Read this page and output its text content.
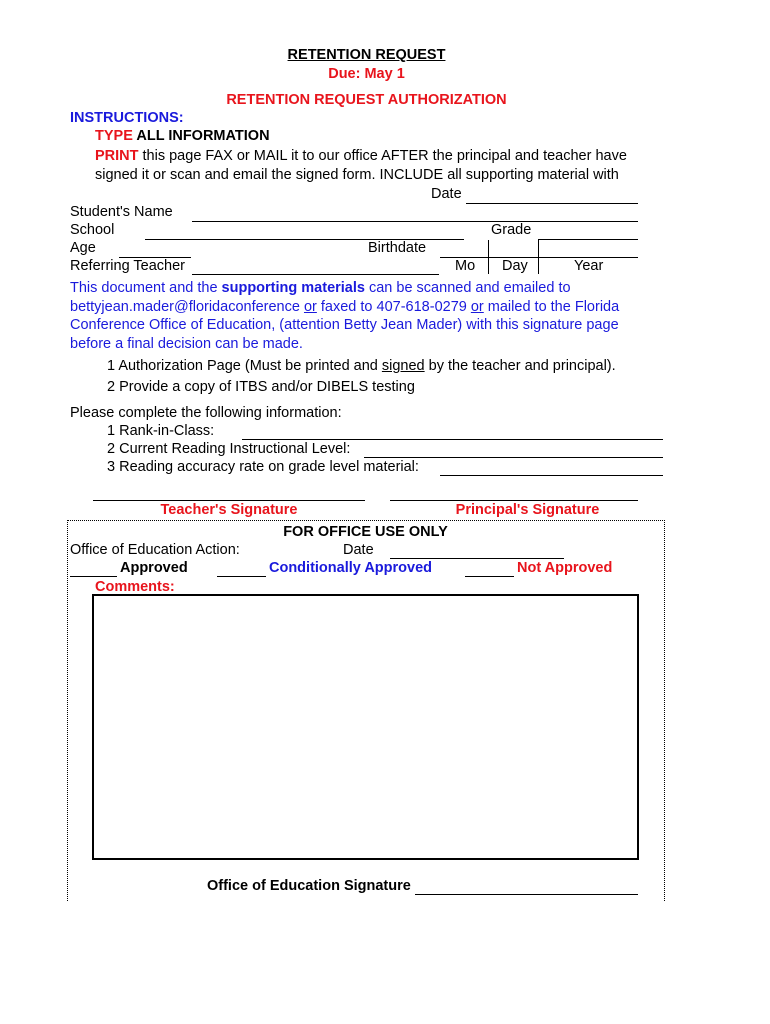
RETENTION REQUEST
Due: May 1
RETENTION REQUEST AUTHORIZATION
INSTRUCTIONS:
TYPE ALL INFORMATION
PRINT this page FAX or MAIL it to our office AFTER the principal and teacher have
signed it or scan and email the signed form. INCLUDE all supporting material with
Date
Student's Name
School	Grade
Age	Birthdate
Referring Teacher	Mo Day	Year
This document and the supporting materials can be scanned and emailed to
bettyjean.mader@floridaconference or faxed to 407-618-0279 or mailed to the Florida
Conference Office of Education, (attention Betty Jean Mader) with this signature page
before a final decision can be made.
1 Authorization Page (Must be printed and signed by the teacher and principal).
2 Provide a copy of ITBS and/or DIBELS testing
Please complete the following information:
1 Rank-in-Class:
2 Current Reading Instructional Level:
3 Reading accuracy rate on grade level material:
Teacher's Signature	Principal's Signature
FOR OFFICE USE ONLY
Office of Education Action:	Date
Approved	Conditionally Approved	Not Approved
Comments:
Office of Education Signature
